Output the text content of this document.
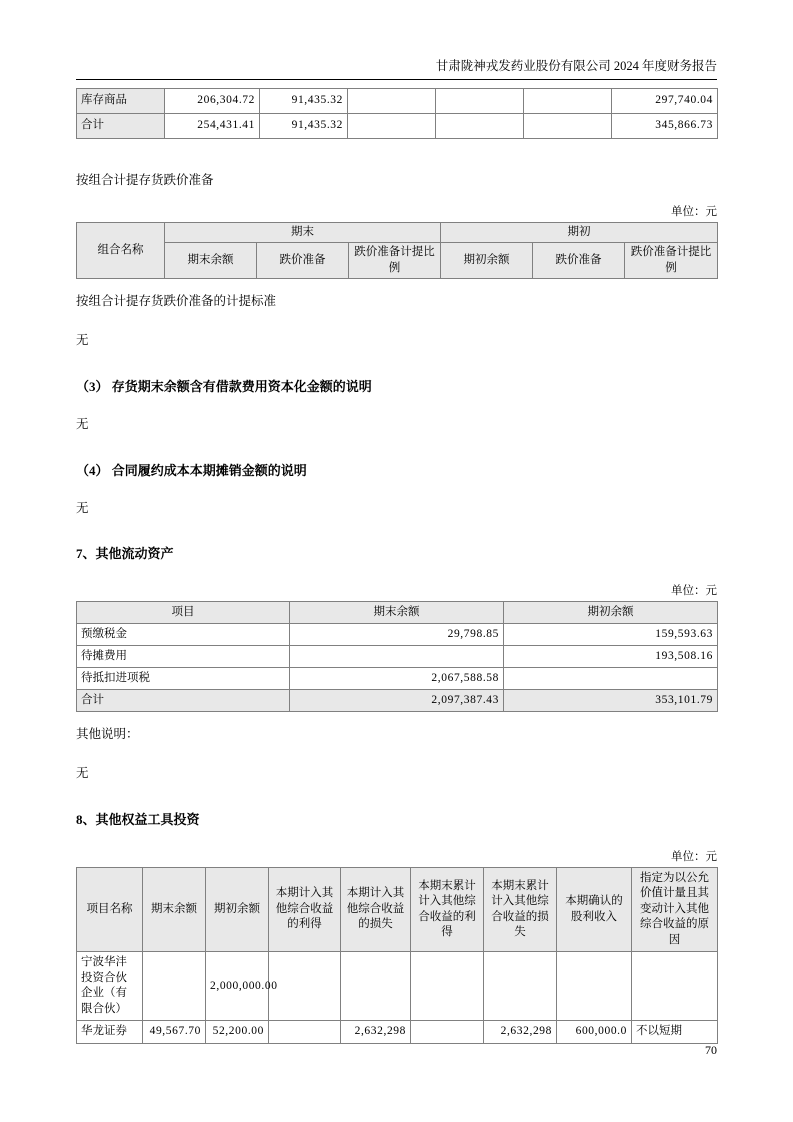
甘肃陇神戎发药业股份有限公司 2024 年度财务报告
库存商品	206,304.72	91,435.32				297,740.04
合计	254,431.41	91,435.32				345,866.73

按组合计提存货跌价准备

单位：元

组合名称	期末			期初		
	期末余额	跌价准备	跌价准备计提比例	期初余额	跌价准备	跌价准备计提比例

按组合计提存货跌价准备的计提标准

无

（3） 存货期末余额含有借款费用资本化金额的说明

无

（4） 合同履约成本本期摊销金额的说明

无

7、其他流动资产

单位：元

项目	期末余额	期初余额
预缴税金	29,798.85	159,593.63
待摊费用		193,508.16
待抵扣进项税	2,067,588.58	
合计	2,097,387.43	353,101.79

其他说明：

无

8、其他权益工具投资

单位：元

项目名称	期末余额	期初余额	本期计入其他综合收益的利得	本期计入其他综合收益的损失	本期末累计计入其他综合收益的利得	本期末累计计入其他综合收益的损失	本期确认的股利收入	指定为以公允价值计量且其变动计入其他综合收益的原因
宁波华沣投资合伙企业（有限合伙）		2,000,000.00						
华龙证券	49,567.70	52,200.00		2,632,298		2,632,298	600,000.0	不以短期
70
